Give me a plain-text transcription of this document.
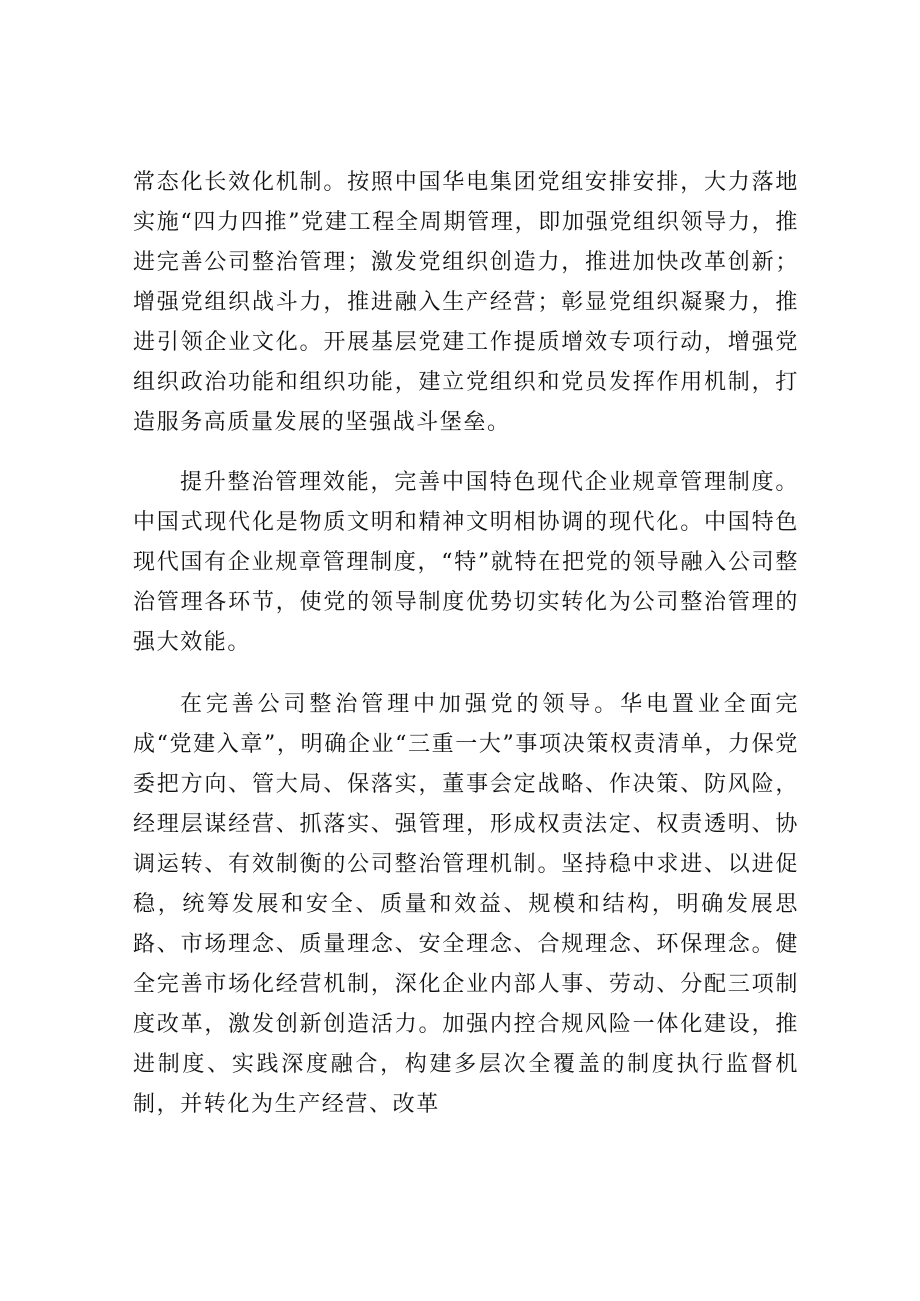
常态化长效化机制。按照中国华电集团党组安排安排，大力落地实施“四力四推”党建工程全周期管理，即加强党组织领导力，推进完善公司整治管理；激发党组织创造力，推进加快改革创新；增强党组织战斗力，推进融入生产经营；彰显党组织凝聚力，推进引领企业文化。开展基层党建工作提质增效专项行动，增强党组织政治功能和组织功能，建立党组织和党员发挥作用机制，打造服务高质量发展的坚强战斗堡垒。

提升整治管理效能，完善中国特色现代企业规章管理制度。中国式现代化是物质文明和精神文明相协调的现代化。中国特色现代国有企业规章管理制度，“特”就特在把党的领导融入公司整治管理各环节，使党的领导制度优势切实转化为公司整治管理的强大效能。

在完善公司整治管理中加强党的领导。华电置业全面完成“党建入章”，明确企业“三重一大”事项决策权责清单，力保党委把方向、管大局、保落实，董事会定战略、作决策、防风险，经理层谋经营、抓落实、强管理，形成权责法定、权责透明、协调运转、有效制衡的公司整治管理机制。坚持稳中求进、以进促稳，统筹发展和安全、质量和效益、规模和结构，明确发展思路、市场理念、质量理念、安全理念、合规理念、环保理念。健全完善市场化经营机制，深化企业内部人事、劳动、分配三项制度改革，激发创新创造活力。加强内控合规风险一体化建设，推进制度、实践深度融合，构建多层次全覆盖的制度执行监督机制，并转化为生产经营、改革
